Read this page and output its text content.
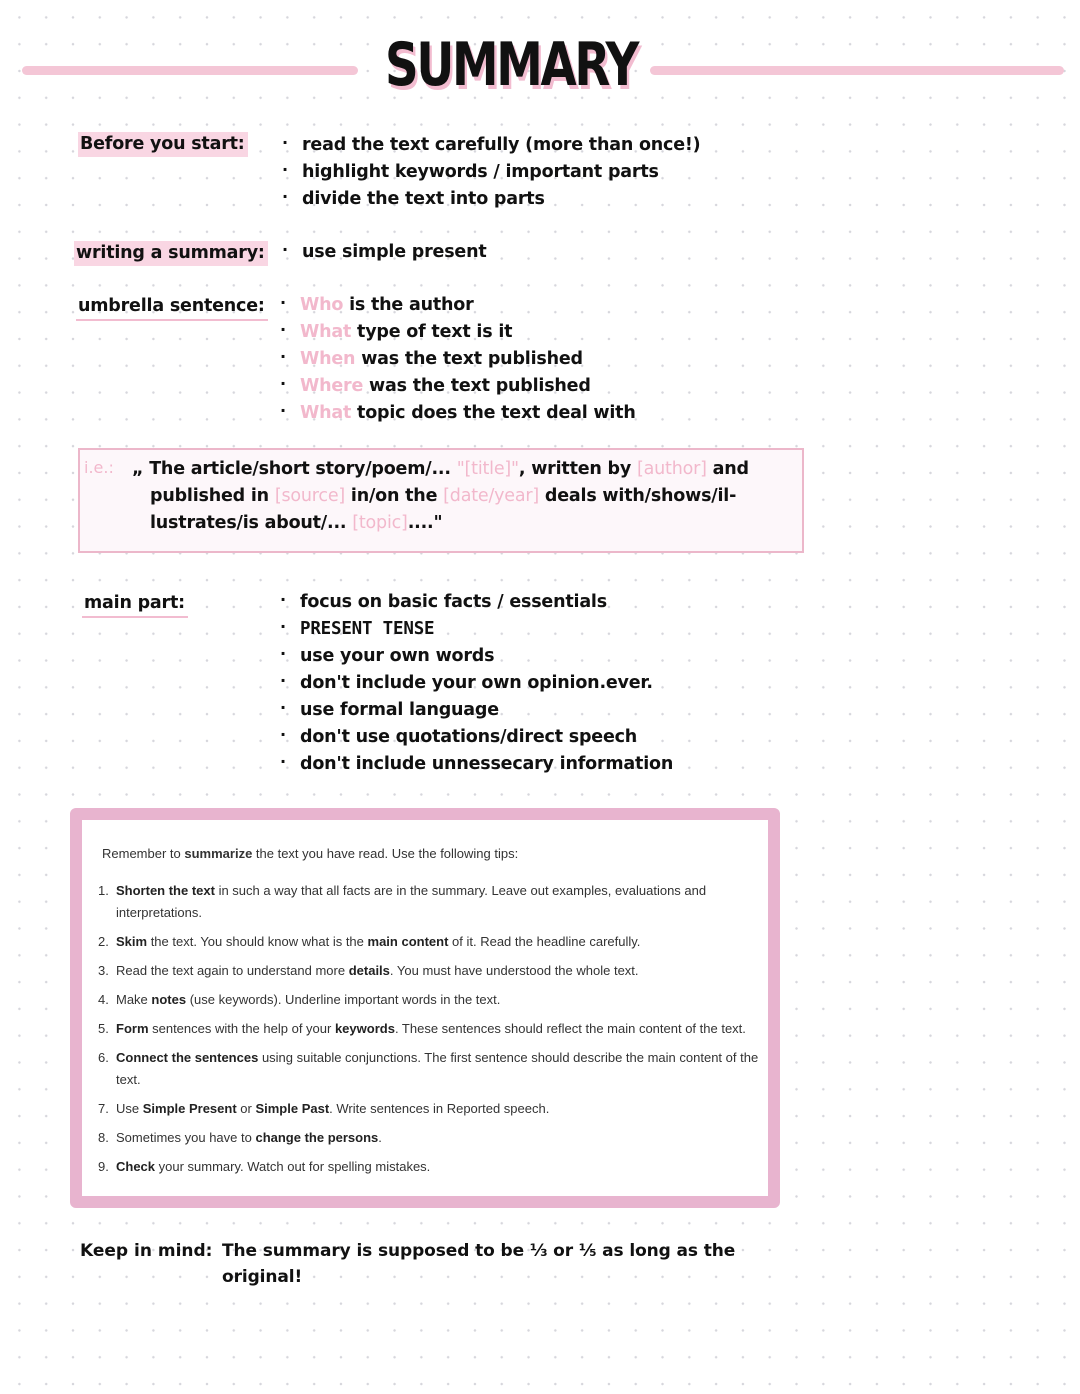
SUMMARY
Before you start: · read the text carefully (more than once!)
· highlight keywords / important parts
· divide the text into parts
writing a summary: · use simple present
umbrella sentence: · Who is the author
· What type of text is it
· When was the text published
· Where was the text published
· What topic does the text deal with
i.e.: „ The article/short story/poem/... "[title]", written by [author] and
published in [source] in/on the [date/year] deals with/shows/il-
lustrates/is about/... [topic]...."
main part:	· focus on basic facts / essentials
· PRESENT TENSE
· use your own words
· don't include your own opinion.ever.
· use formal language
· don't use quotations/direct speech
· don't include unnessecary information
Remember to summarize the text you have read. Use the following tips:
1. Shorten the text in such a way that all facts are in the summary. Leave out examples, evaluations and interpretations.
2. Skim the text. You should know what is the main content of it. Read the headline carefully.
3. Read the text again to understand more details. You must have understood the whole text.
4. Make notes (use keywords). Underline important words in the text.
5. Form sentences with the help of your keywords. These sentences should reflect the main content of the text.
6. Connect the sentences using suitable conjunctions. The first sentence should describe the main content of the text.
7. Use Simple Present or Simple Past. Write sentences in Reported speech.
8. Sometimes you have to change the persons.
9. Check your summary. Watch out for spelling mistakes.
Keep in mind: The summary is supposed to be ⅓ or ⅕ as long as the original!
